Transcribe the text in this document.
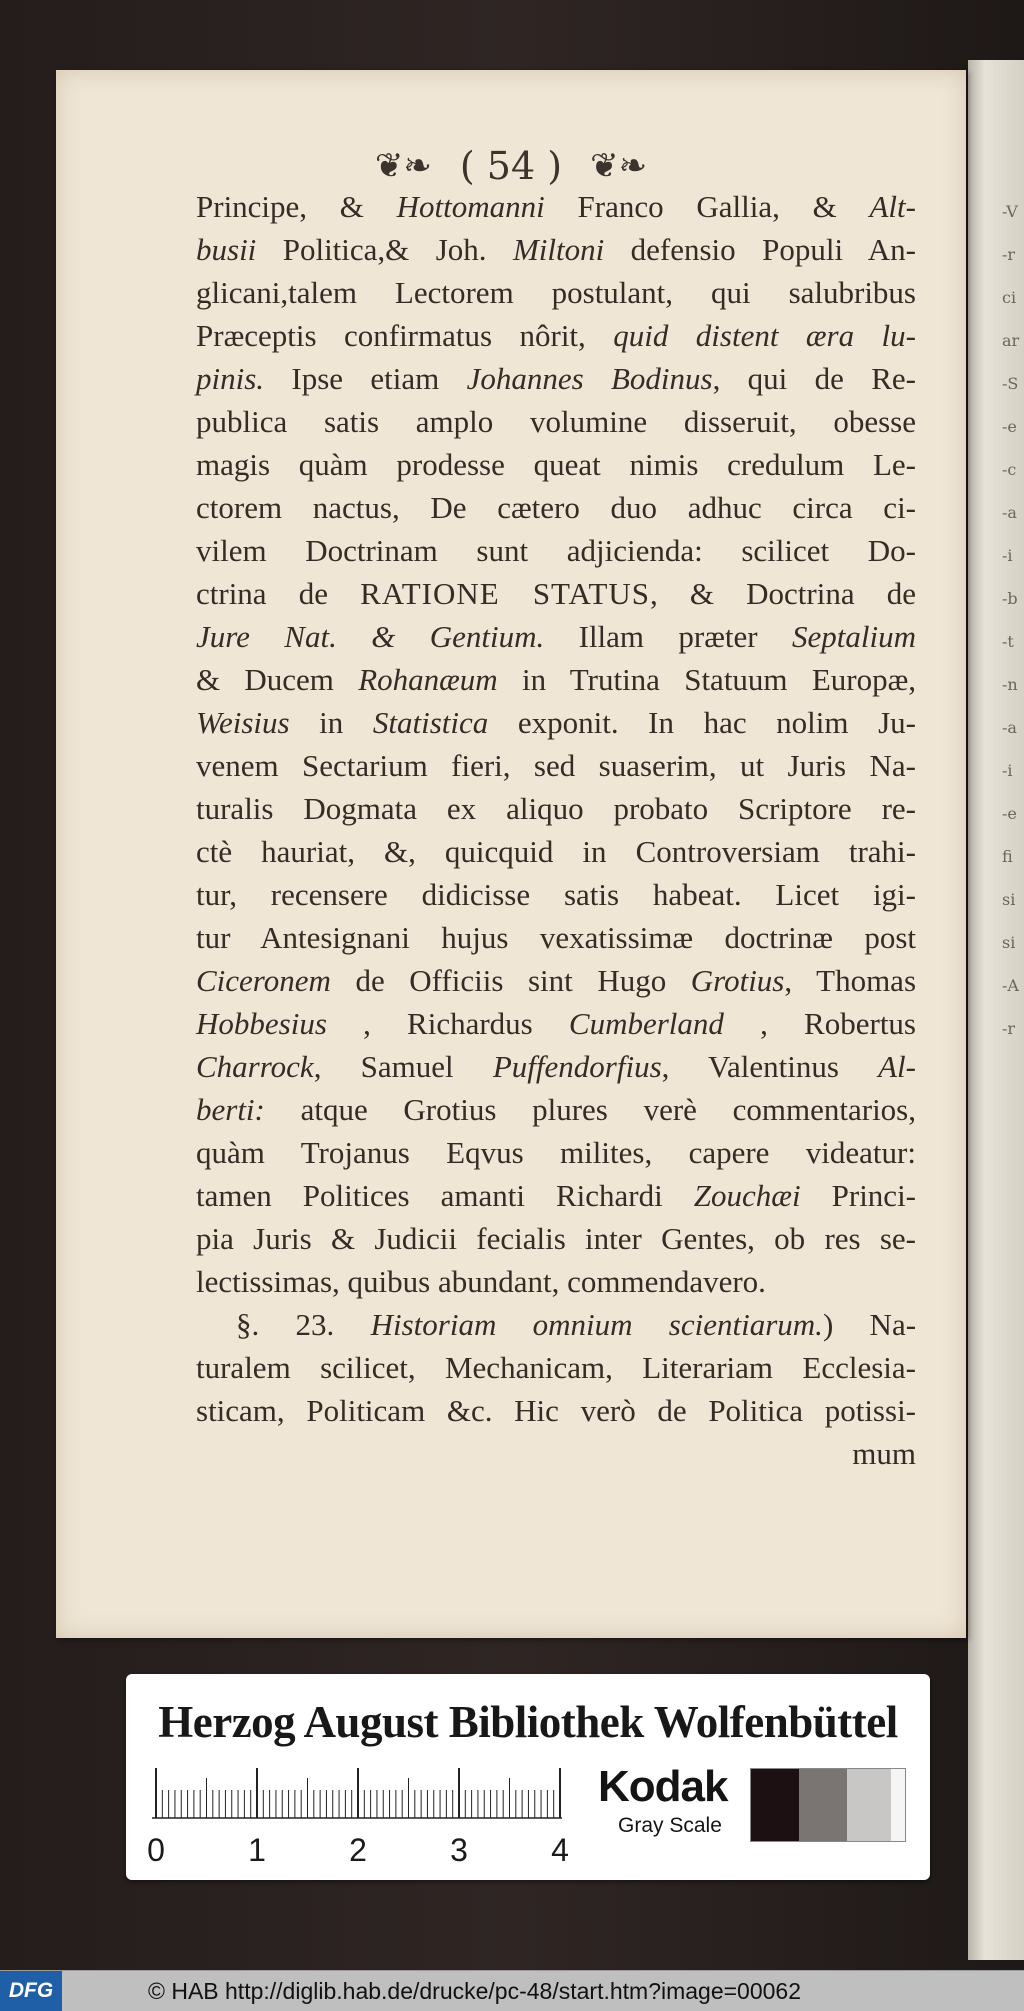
-V
-r
ci
ar
-S
-e
-c
-a
-i
-b
-t
-n
-a
-i
-e
fi
si
si
-A
-r
❦❧ ( 54 ) ❦❧
Principe, & Hottomanni Franco Gallia, & Alt-
busii Politica,& Joh. Miltoni defensio Populi An-
glicani,talem Lectorem postulant, qui salubribus
Præceptis confirmatus nôrit, quid distent æra lu-
pinis. Ipse etiam Johannes Bodinus, qui de Re-
publica satis amplo volumine disseruit, obesse
magis quàm prodesse queat nimis credulum Le-
ctorem nactus, De cætero duo adhuc circa ci-
vilem Doctrinam sunt adjicienda: scilicet Do-
ctrina de RATIONE STATUS, & Doctrina de
Jure Nat. & Gentium. Illam præter Septalium
& Ducem Rohanæum in Trutina Statuum Europæ,
Weisius in Statistica exponit. In hac nolim Ju-
venem Sectarium fieri, sed suaserim, ut Juris Na-
turalis Dogmata ex aliquo probato Scriptore re-
ctè hauriat, &, quicquid in Controversiam trahi-
tur, recensere didicisse satis habeat. Licet igi-
tur Antesignani hujus vexatissimæ doctrinæ post
Ciceronem de Officiis sint Hugo Grotius, Thomas
Hobbesius , Richardus Cumberland , Robertus
Charrock, Samuel Puffendorfius, Valentinus Al-
berti: atque Grotius plures verè commentarios,
quàm Trojanus Eqvus milites, capere videatur:
tamen Politices amanti Richardi Zouchæi Princi-
pia Juris & Judicii fecialis inter Gentes, ob res se-
lectissimas, quibus abundant, commendavero.
§. 23. Historiam omnium scientiarum.) Na-
turalem scilicet, Mechanicam, Literariam Ecclesia-
sticam, Politicam &c. Hic verò de Politica potissi-
mum
Herzog August Bibliothek Wolfenbüttel
0	1	2	3	4
Kodak
Gray Scale
DFG	© HAB http://diglib.hab.de/drucke/pc-48/start.htm?image=00062
